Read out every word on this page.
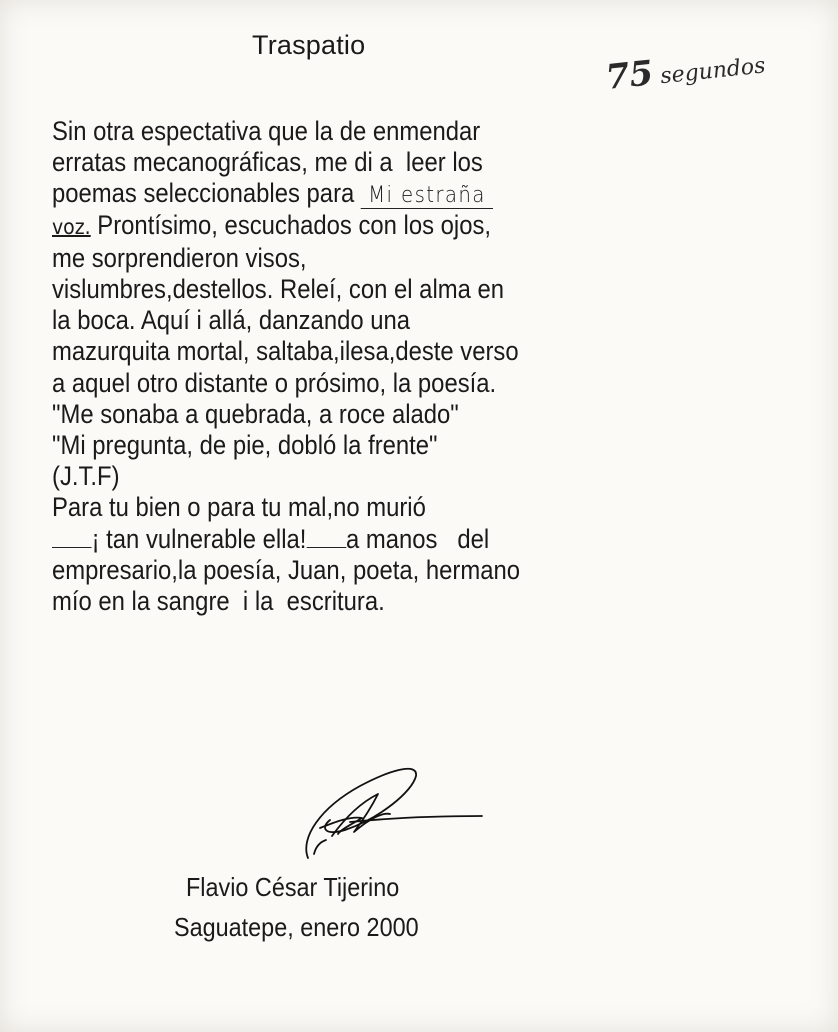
Traspatio
75 segundos
Sin otra espectativa que la de enmendar
erratas mecanográficas, me di a  leer los
poemas seleccionables para Mi estraña
voz. Prontísimo, escuchados con los ojos,
me sorprendieron visos,
vislumbres,destellos. Releí, con el alma en
la boca. Aquí i allá, danzando una
mazurquita mortal, saltaba,ilesa,deste verso
a aquel otro distante o prósimo, la poesía.
"Me sonaba a quebrada, a roce alado"
"Mi pregunta, de pie, dobló la frente"
(J.T.F)
Para tu bien o para tu mal,no murió
¡ tan vulnerable ella! a manos   del
empresario,la poesía, Juan, poeta, hermano
mío en la sangre  i la  escritura.
Flavio César Tijerino
Saguatepe, enero 2000
